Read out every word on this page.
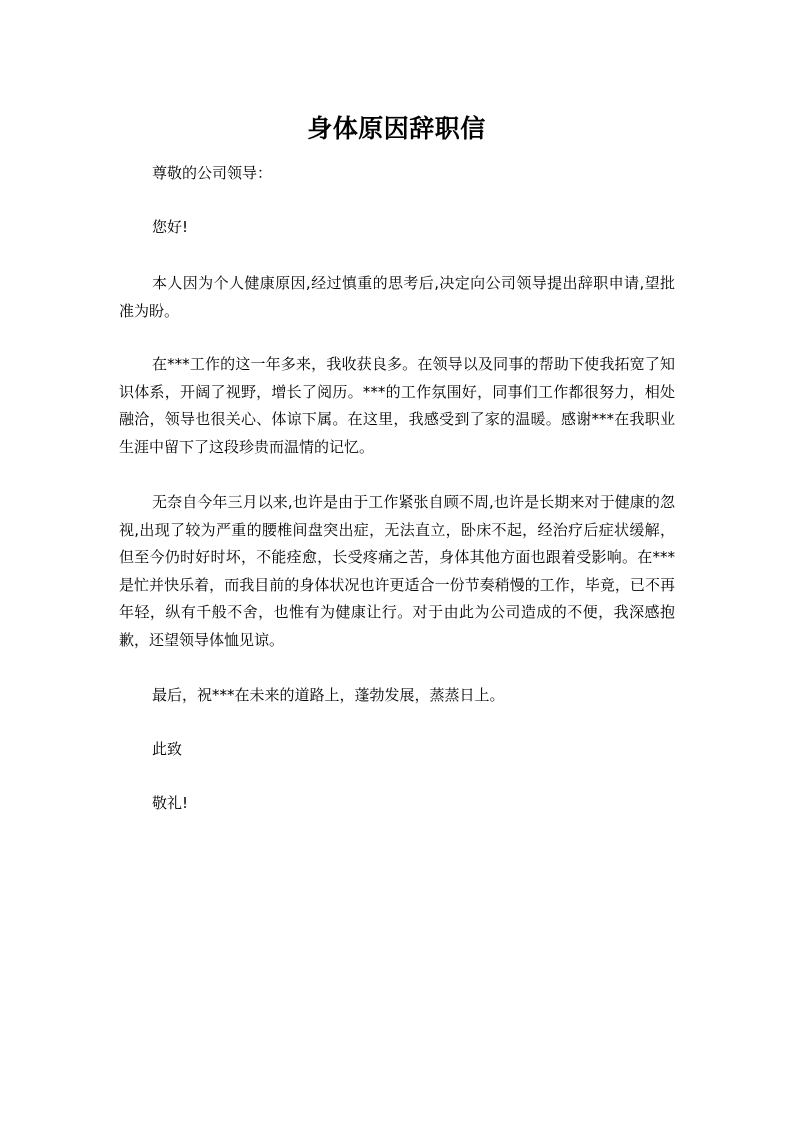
身体原因辞职信
尊敬的公司领导：
您好!
本人因为个人健康原因,经过慎重的思考后,决定向公司领导提出辞职申请,望批准为盼。
在***工作的这一年多来，我收获良多。在领导以及同事的帮助下使我拓宽了知识体系，开阔了视野，增长了阅历。***的工作氛围好，同事们工作都很努力，相处融洽，领导也很关心、体谅下属。在这里，我感受到了家的温暖。感谢***在我职业生涯中留下了这段珍贵而温情的记忆。
无奈自今年三月以来,也许是由于工作紧张自顾不周,也许是长期来对于健康的忽视,出现了较为严重的腰椎间盘突出症，无法直立，卧床不起，经治疗后症状缓解，但至今仍时好时坏，不能痊愈，长受疼痛之苦，身体其他方面也跟着受影响。在***是忙并快乐着，而我目前的身体状况也许更适合一份节奏稍慢的工作，毕竟，已不再年轻，纵有千般不舍，也惟有为健康让行。对于由此为公司造成的不便，我深感抱歉，还望领导体恤见谅。
最后，祝***在未来的道路上，蓬勃发展，蒸蒸日上。
此致
敬礼!
